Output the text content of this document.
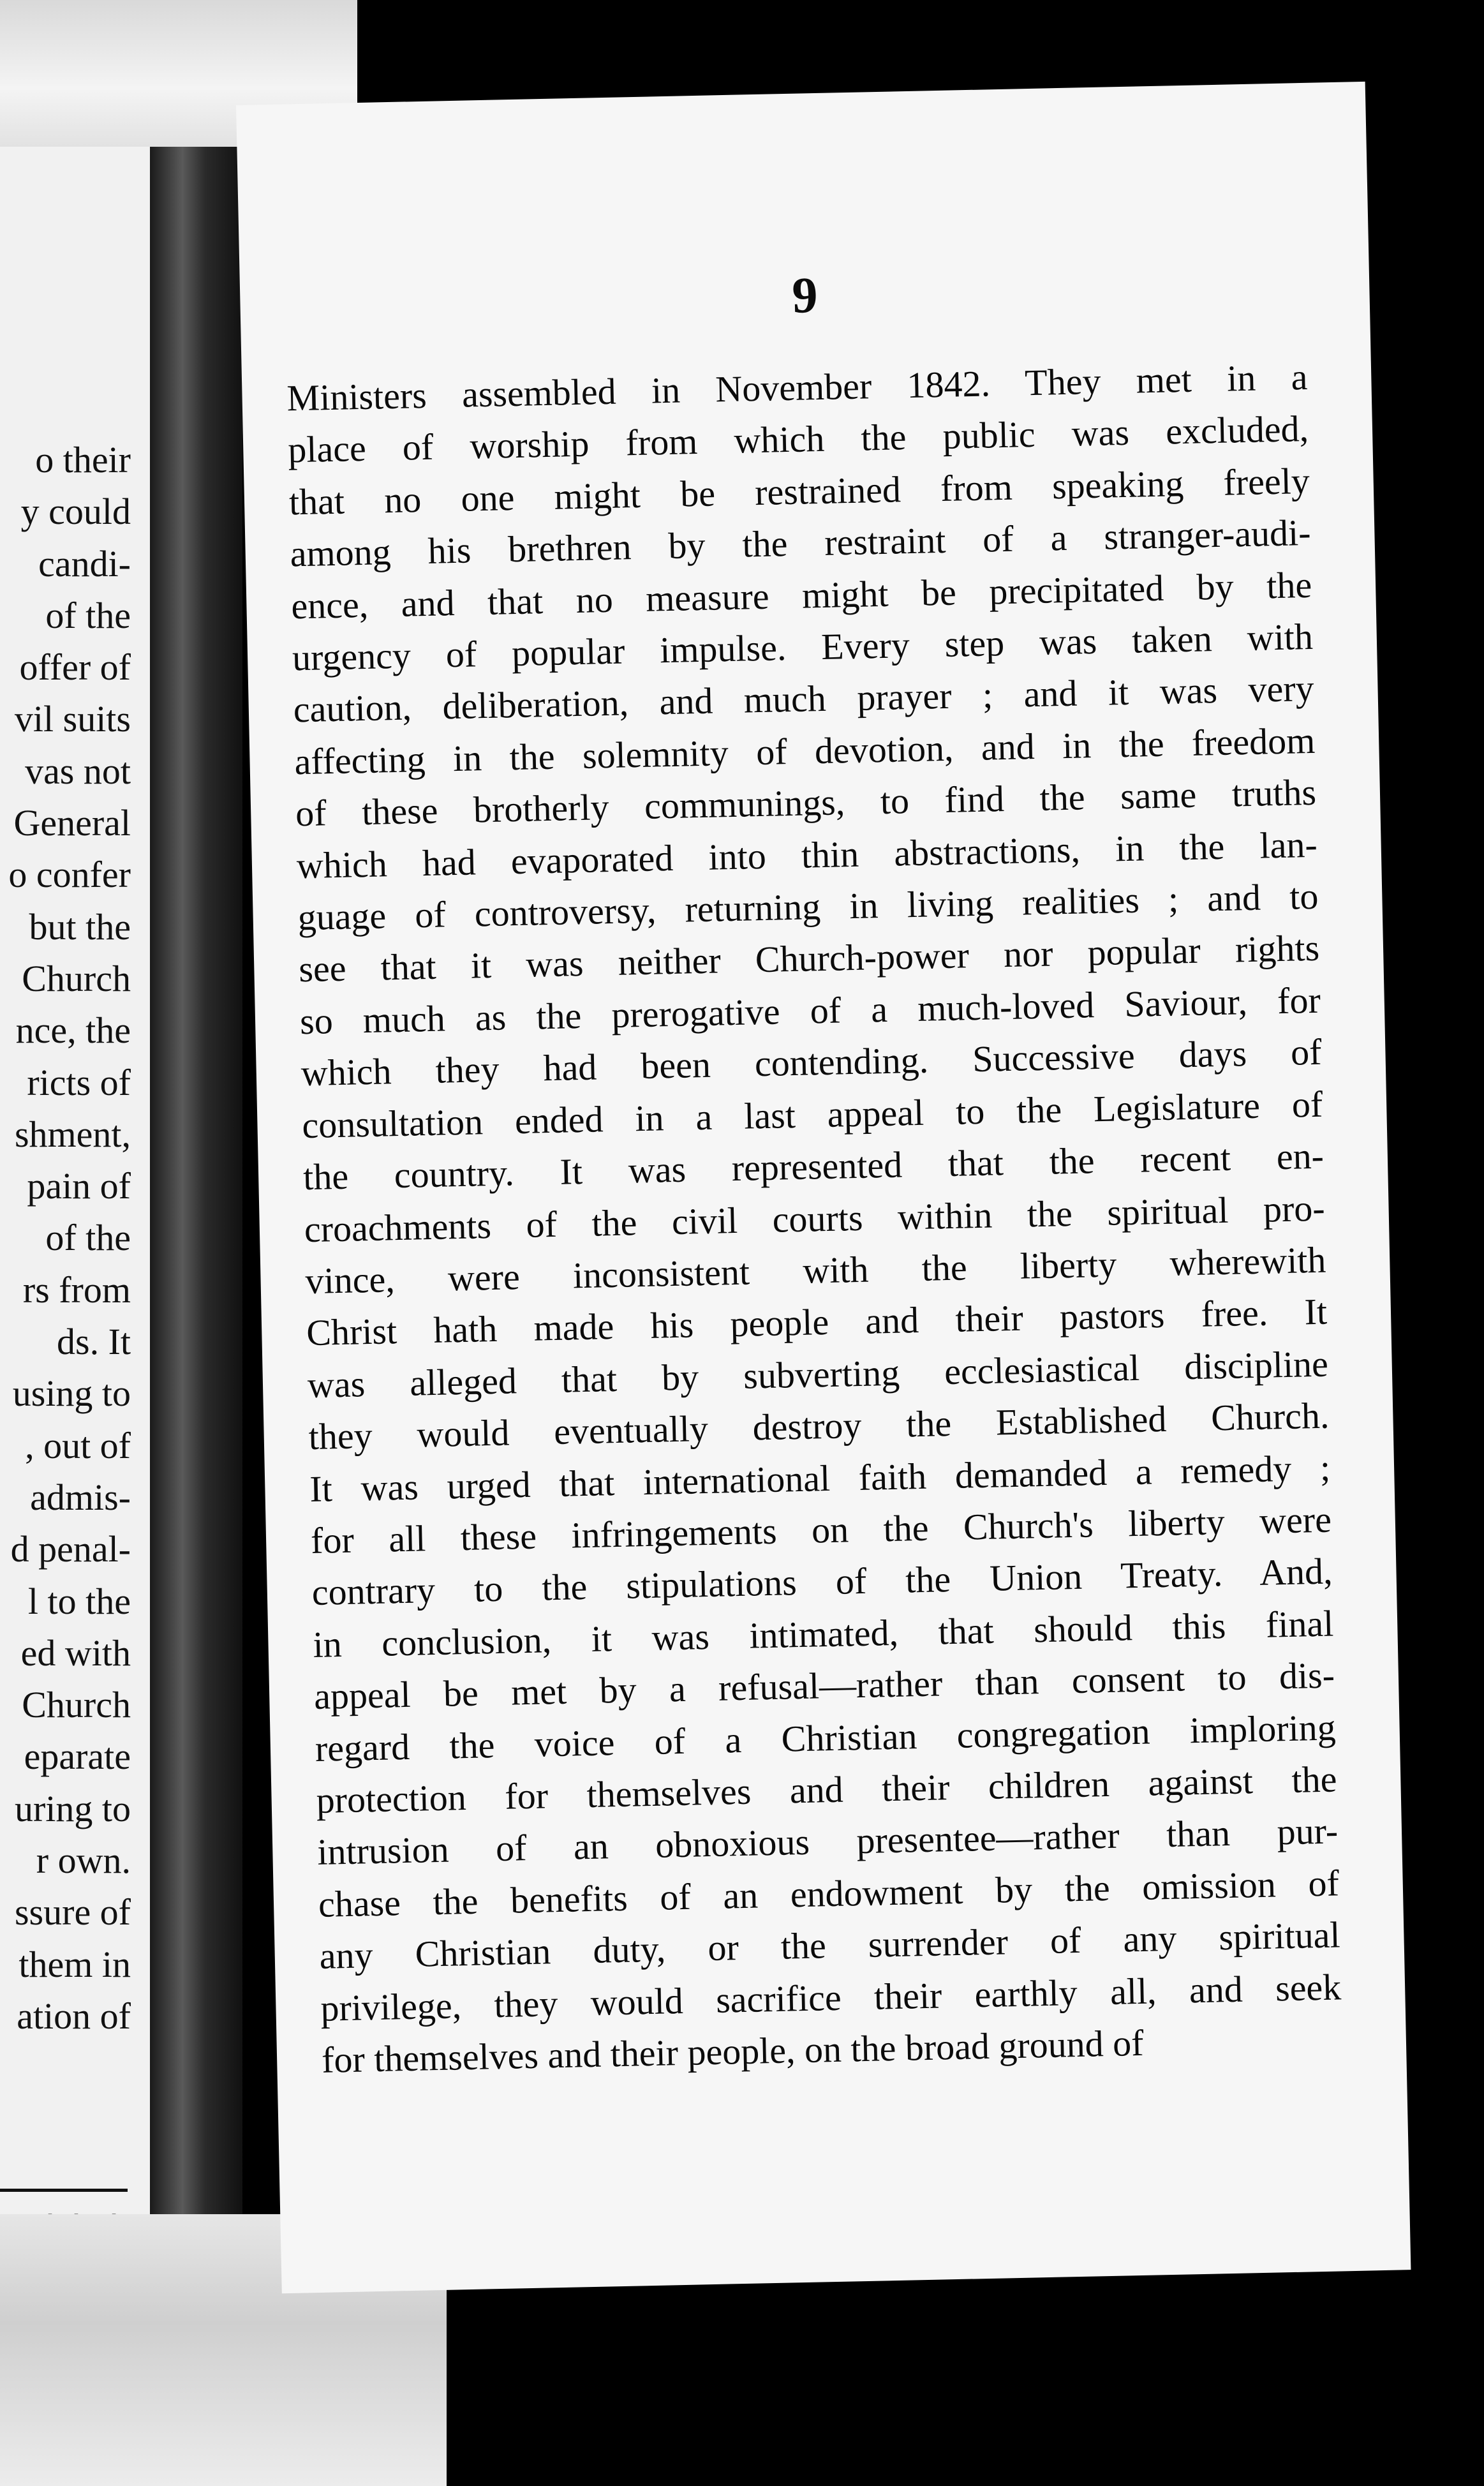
o their
y could
candi-
of the
offer of
vil suits
vas not
General
o confer
but the
Church
nce, the
ricts of
shment,
pain of
of the
rs from
ds. It
using to
, out of
admis-
d penal-
l to the
ed with
Church
eparate
uring to
r own.
ssure of
them in
ation of
9
Ministers assembled in November 1842. They met in a
place of worship from which the public was excluded,
that no one might be restrained from speaking freely
among his brethren by the restraint of a stranger-audi-
ence, and that no measure might be precipitated by the
urgency of popular impulse. Every step was taken with
caution, deliberation, and much prayer ; and it was very
affecting in the solemnity of devotion, and in the freedom
of these brotherly communings, to find the same truths
which had evaporated into thin abstractions, in the lan-
guage of controversy, returning in living realities ; and to
see that it was neither Church-power nor popular rights
so much as the prerogative of a much-loved Saviour, for
which they had been contending. Successive days of
consultation ended in a last appeal to the Legislature of
the country. It was represented that the recent en-
croachments of the civil courts within the spiritual pro-
vince, were inconsistent with the liberty wherewith
Christ hath made his people and their pastors free. It
was alleged that by subverting ecclesiastical discipline
they would eventually destroy the Established Church.
It was urged that international faith demanded a remedy ;
for all these infringements on the Church's liberty were
contrary to the stipulations of the Union Treaty. And,
in conclusion, it was intimated, that should this final
appeal be met by a refusal—rather than consent to dis-
regard the voice of a Christian congregation imploring
protection for themselves and their children against the
intrusion of an obnoxious presentee—rather than pur-
chase the benefits of an endowment by the omission of
any Christian duty, or the surrender of any spiritual
privilege, they would sacrifice their earthly all, and seek
for themselves and their people, on the broad ground of
